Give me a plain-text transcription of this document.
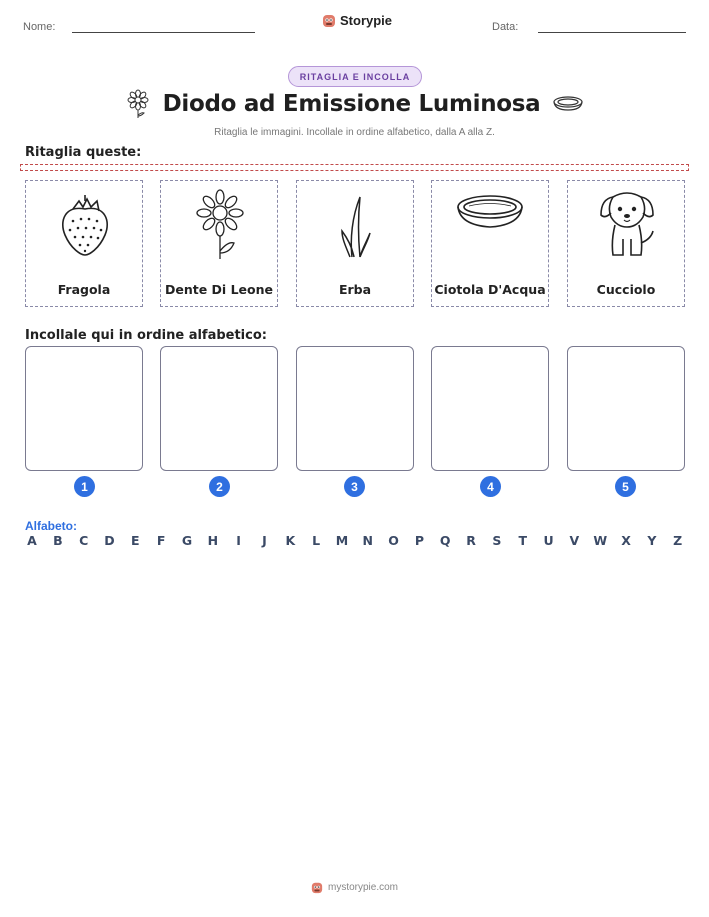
Nome:	Storypie	Data:
RITAGLIA E INCOLLA
Diodo ad Emissione Luminosa
Ritaglia le immagini. Incollale in ordine alfabetico, dalla A alla Z.
Ritaglia queste:
Fragola	Dente Di Leone	Erba	Ciotola D'Acqua	Cucciolo
Incollale qui in ordine alfabetico:
1	2	3	4	5
Alfabeto:
A B C D E F G H	I	J	K L M N O P Q R S T U V W X Y Z
mystorypie.com
